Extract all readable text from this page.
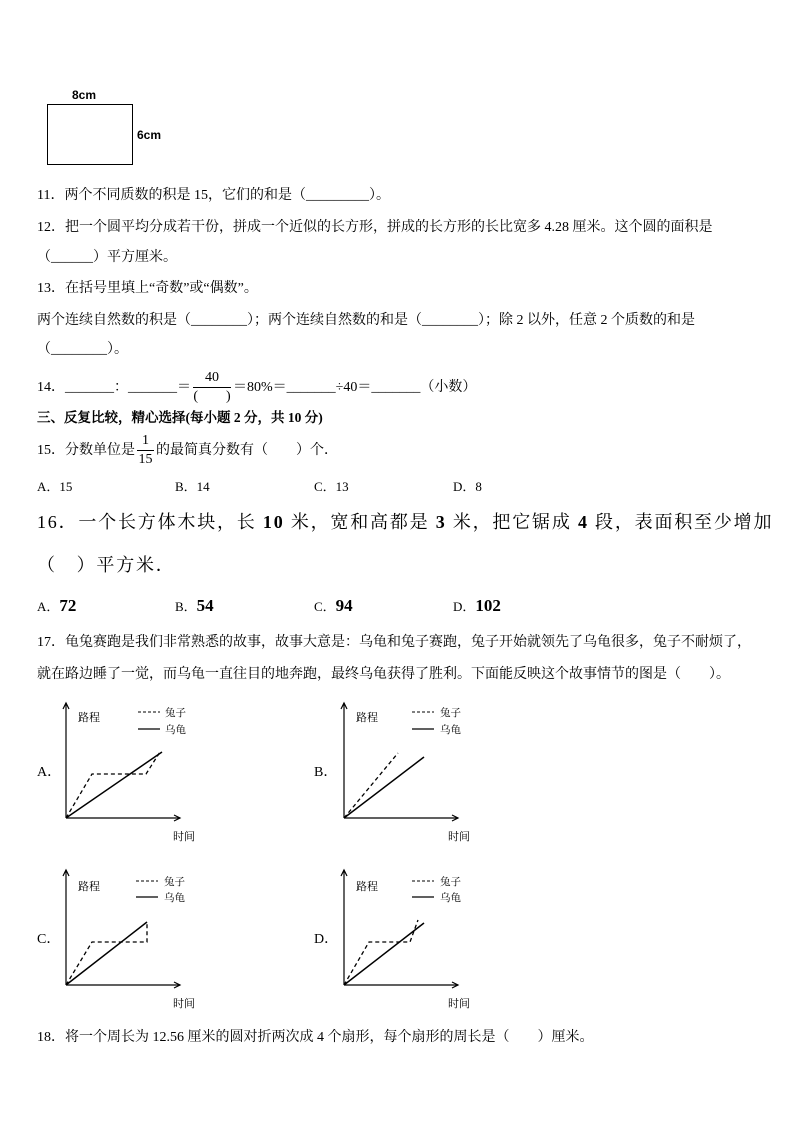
8cm
6cm
11．两个不同质数的积是 15，它们的和是（_________）。
12．把一个圆平均分成若干份，拼成一个近似的长方形，拼成的长方形的长比宽多 4.28 厘米。这个圆的面积是
（______）平方厘米。
13．在括号里填上“奇数”或“偶数”。
两个连续自然数的积是（________）；两个连续自然数的和是（________）；除 2 以外，任意 2 个质数的和是
（________）。
14．_______：_______＝ $\frac{40}{( )}$ ＝80%＝_______÷40＝_______（小数）
三、反复比较，精心选择(每小题 2 分，共 10 分)
15．分数单位是 $\frac{1}{15}$ 的最简真分数有（　　）个．
A．15	B．14	C．13	D．8
16．一个长方体木块，长 10 米，宽和高都是 3 米，把它锯成 4 段，表面积至少增加
（　）平方米．
A．72	B．54	C．94	D．102
17．龟兔赛跑是我们非常熟悉的故事，故事大意是：乌龟和兔子赛跑，兔子开始就领先了乌龟很多，兔子不耐烦了，
就在路边睡了一觉，而乌龟一直往目的地奔跑，最终乌龟获得了胜利。下面能反映这个故事情节的图是（　　）。
A．
路程	兔子
乌龟
时间
B．
路程	兔子
乌龟
时间
C．
路程	兔子
乌龟
时间
D．
路程	兔子
乌龟
时间
18．将一个周长为 12.56 厘米的圆对折两次成 4 个扇形，每个扇形的周长是（　　）厘米。
